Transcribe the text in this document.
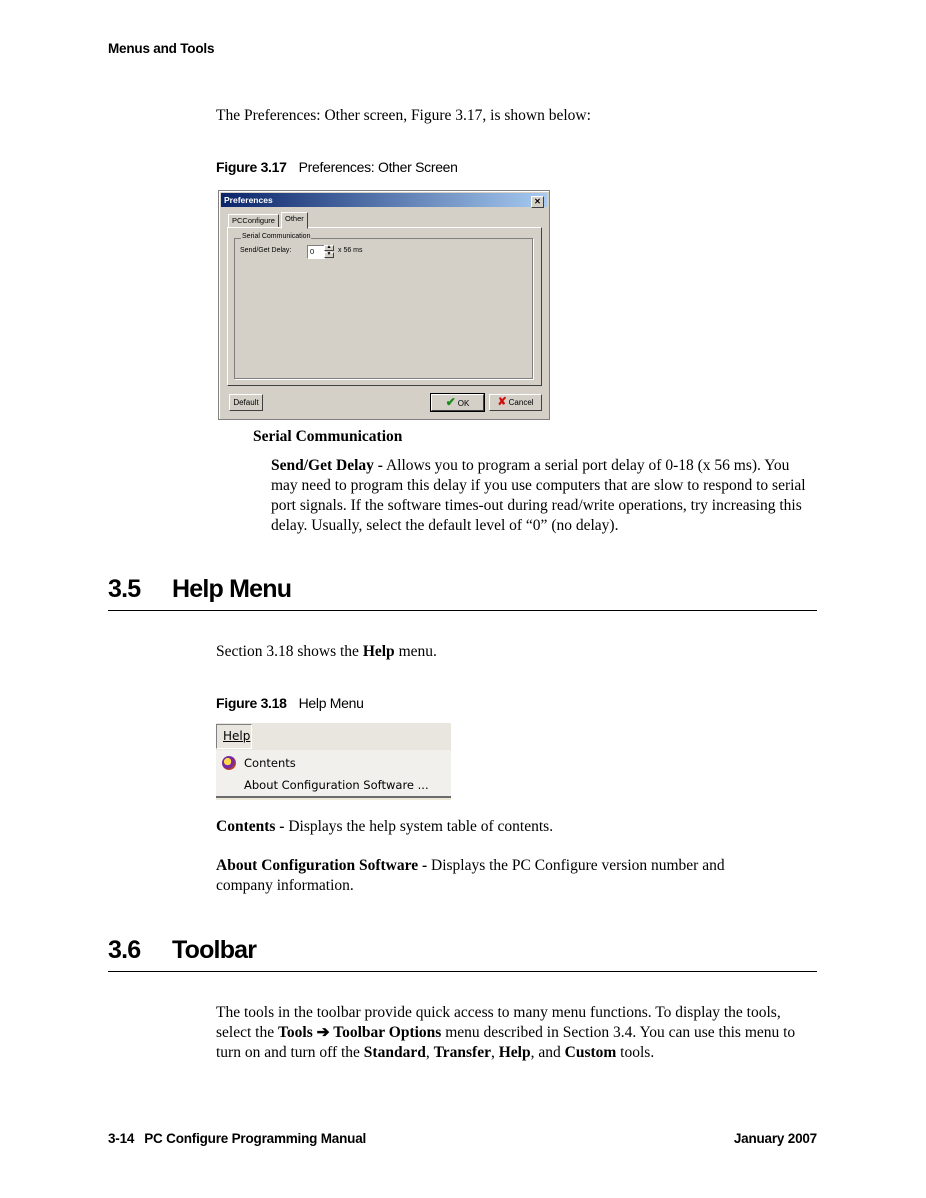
Menus and Tools
The Preferences: Other screen, Figure 3.17, is shown below:
Figure 3.17 Preferences: Other Screen
Preferences	✕
PCConfigure	Other
Serial Communication
Send/Get Delay:	0	▲
▼
x 56 ms
Default	✔ OK	✘ Cancel
Serial Communication
Send/Get Delay - Allows you to program a serial port delay of 0-18 (x 56 ms). You may need to program this delay if you use computers that are slow to respond to serial port signals. If the software times-out during read/write operations, try increasing this delay. Usually, select the default level of “0” (no delay).
3.5 Help Menu
Section 3.18 shows the Help menu.
Figure 3.18 Help Menu
Help
Contents
About Configuration Software ...
Contents - Displays the help system table of contents.
About Configuration Software - Displays the PC Configure version number and company information.
3.6 Toolbar
The tools in the toolbar provide quick access to many menu functions. To display the tools, select the Tools ➔ Toolbar Options menu described in Section 3.4. You can use this menu to turn on and turn off the Standard, Transfer, Help, and Custom tools.
3-14 PC Configure Programming Manual	January 2007
